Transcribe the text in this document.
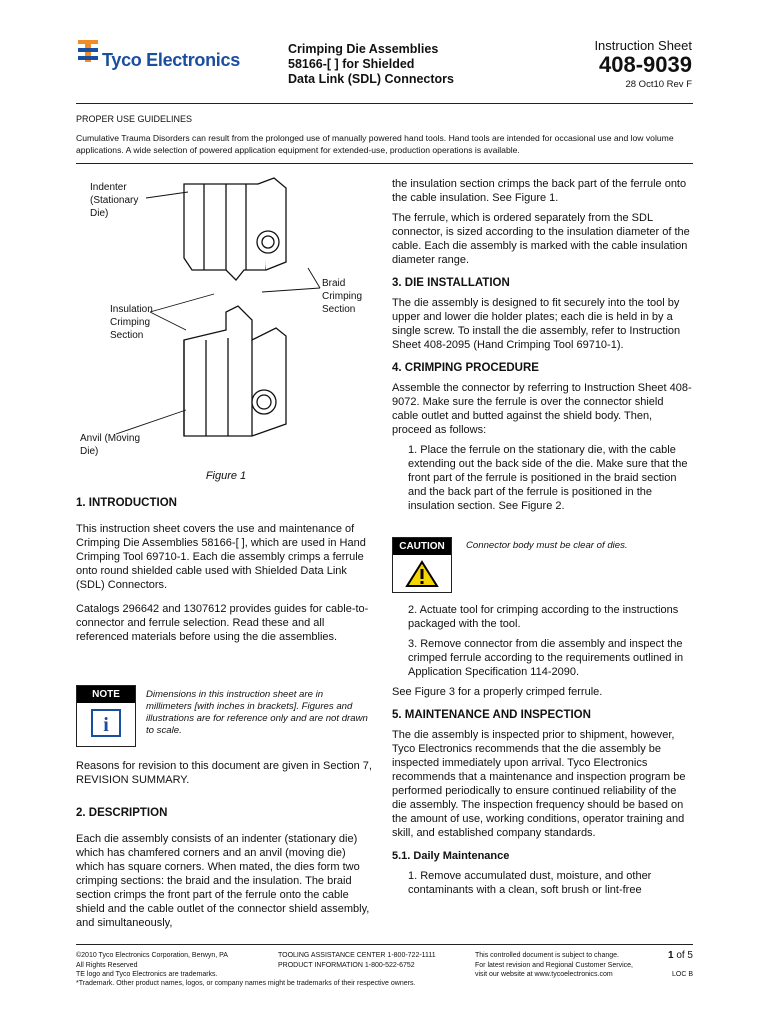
Tyco Electronics
Crimping Die Assemblies
58166-[ ] for Shielded
Data Link (SDL) Connectors
Instruction Sheet
408-9039
28 Oct10 Rev F
PROPER USE GUIDELINES
Cumulative Trauma Disorders can result from the prolonged use of manually powered hand tools. Hand tools are intended for occasional use and low volume applications. A wide selection of powered application equipment for extended-use, production operations is available.
Indenter (Stationary Die)
Braid Crimping Section
Insulation Crimping Section
Anvil (Moving Die)
Figure 1
1. INTRODUCTION

This instruction sheet covers the use and maintenance of Crimping Die Assemblies 58166-[ ], which are used in Hand Crimping Tool 69710-1. Each die assembly crimps a ferrule onto round shielded cable used with Shielded Data Link (SDL) Connectors.

Catalogs 296642 and 1307612 provides guides for cable-to-connector and ferrule selection. Read these and all referenced materials before using the die assemblies.

NOTE
i
Dimensions in this instruction sheet are in millimeters [with inches in brackets]. Figures and illustrations are for reference only and are not drawn to scale.

Reasons for revision to this document are given in Section 7, REVISION SUMMARY.

2. DESCRIPTION

Each die assembly consists of an indenter (stationary die) which has chamfered corners and an anvil (moving die) which has square corners. When mated, the dies form two crimping sections: the braid and the insulation. The braid section crimps the front part of the ferrule onto the cable shield and the cable outlet of the connector shield assembly, and simultaneously,

the insulation section crimps the back part of the ferrule onto the cable insulation. See Figure 1.

The ferrule, which is ordered separately from the SDL connector, is sized according to the insulation diameter of the cable. Each die assembly is marked with the cable insulation diameter range.

3. DIE INSTALLATION

The die assembly is designed to fit securely into the tool by upper and lower die holder plates; each die is held in by a single screw. To install the die assembly, refer to Instruction Sheet 408-2095 (Hand Crimping Tool 69710-1).

4. CRIMPING PROCEDURE

Assemble the connector by referring to Instruction Sheet 408-9072. Make sure the ferrule is over the connector shield cable outlet and butted against the shield body. Then, proceed as follows:

1. Place the ferrule on the stationary die, with the cable extending out the back side of the die. Make sure that the front part of the ferrule is positioned in the braid section and the back part of the ferrule is positioned in the insulation section. See Figure 2.

CAUTION	Connector body must be clear of dies.

2. Actuate tool for crimping according to the instructions packaged with the tool.

3. Remove connector from die assembly and inspect the crimped ferrule according to the requirements outlined in Application Specification 114-2090.

See Figure 3 for a properly crimped ferrule.

5. MAINTENANCE AND INSPECTION

The die assembly is inspected prior to shipment, however, Tyco Electronics recommends that the die assembly be inspected immediately upon arrival. Tyco Electronics recommends that a maintenance and inspection program be performed periodically to ensure continued reliability of the die assembly. The inspection frequency should be based on the amount of use, working conditions, operator training and skill, and established company standards.

5.1. Daily Maintenance

1. Remove accumulated dust, moisture, and other contaminants with a clean, soft brush or lint-free

©2010 Tyco Electronics Corporation, Berwyn, PA
All Rights Reserved
TE logo and Tyco Electronics are trademarks.
*Trademark. Other product names, logos, or company names might be trademarks of their respective owners.
TOOLING ASSISTANCE CENTER 1-800-722-1111
PRODUCT INFORMATION 1-800-522-6752
This controlled document is subject to change.
For latest revision and Regional Customer Service,
visit our website at www.tycoelectronics.com
1 of 5
LOC B
